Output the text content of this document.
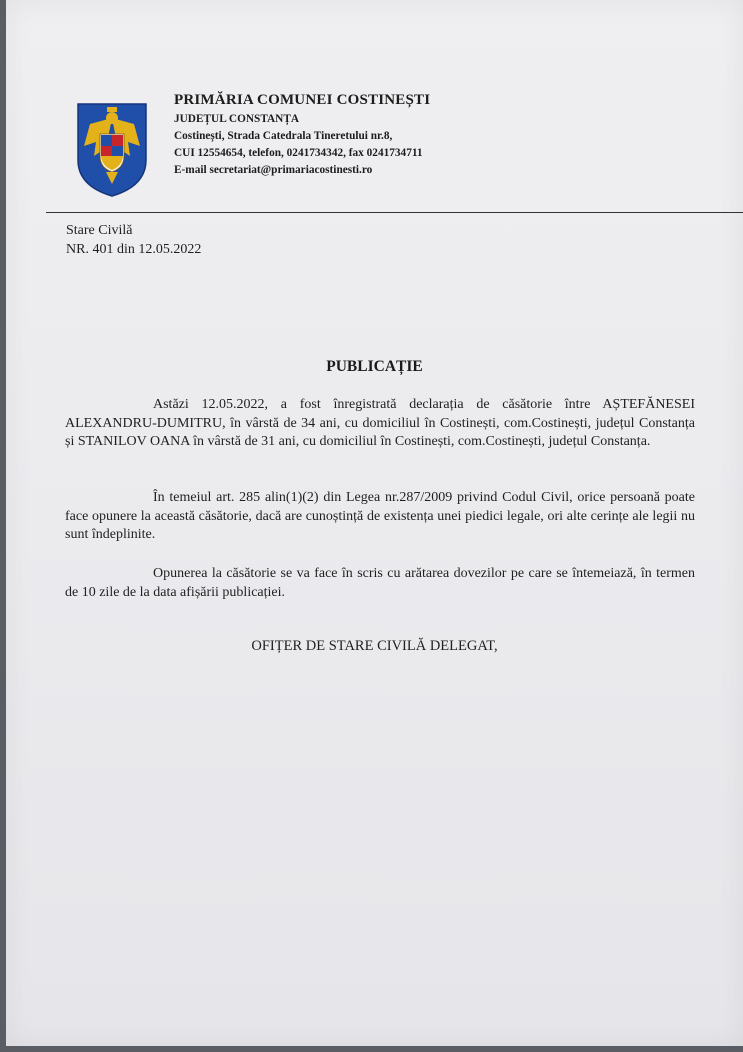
PRIMĂRIA COMUNEI COSTINEȘTI
JUDEȚUL CONSTANȚA
Costinești, Strada Catedrala Tineretului nr.8,
CUI 12554654, telefon, 0241734342, fax 0241734711
E-mail secretariat@primariacostinesti.ro
Stare Civilă
NR. 401 din 12.05.2022
PUBLICAȚIE

Astăzi 12.05.2022, a fost înregistrată declarația de căsătorie între AȘTEFĂNESEI ALEXANDRU-DUMITRU, în vârstă de 34 ani, cu domiciliul în Costinești, com.Costinești, județul Constanța și STANILOV OANA în vârstă de 31 ani, cu domiciliul în Costinești, com.Costinești, județul Constanța.

În temeiul art. 285 alin(1)(2) din Legea nr.287/2009 privind Codul Civil, orice persoană poate face opunere la această căsătorie, dacă are cunoștință de existența unei piedici legale, ori alte cerințe ale legii nu sunt îndeplinite.

Opunerea la căsătorie se va face în scris cu arătarea dovezilor pe care se întemeiază, în termen de 10 zile de la data afișării publicației.

OFIȚER DE STARE CIVILĂ DELEGAT,
